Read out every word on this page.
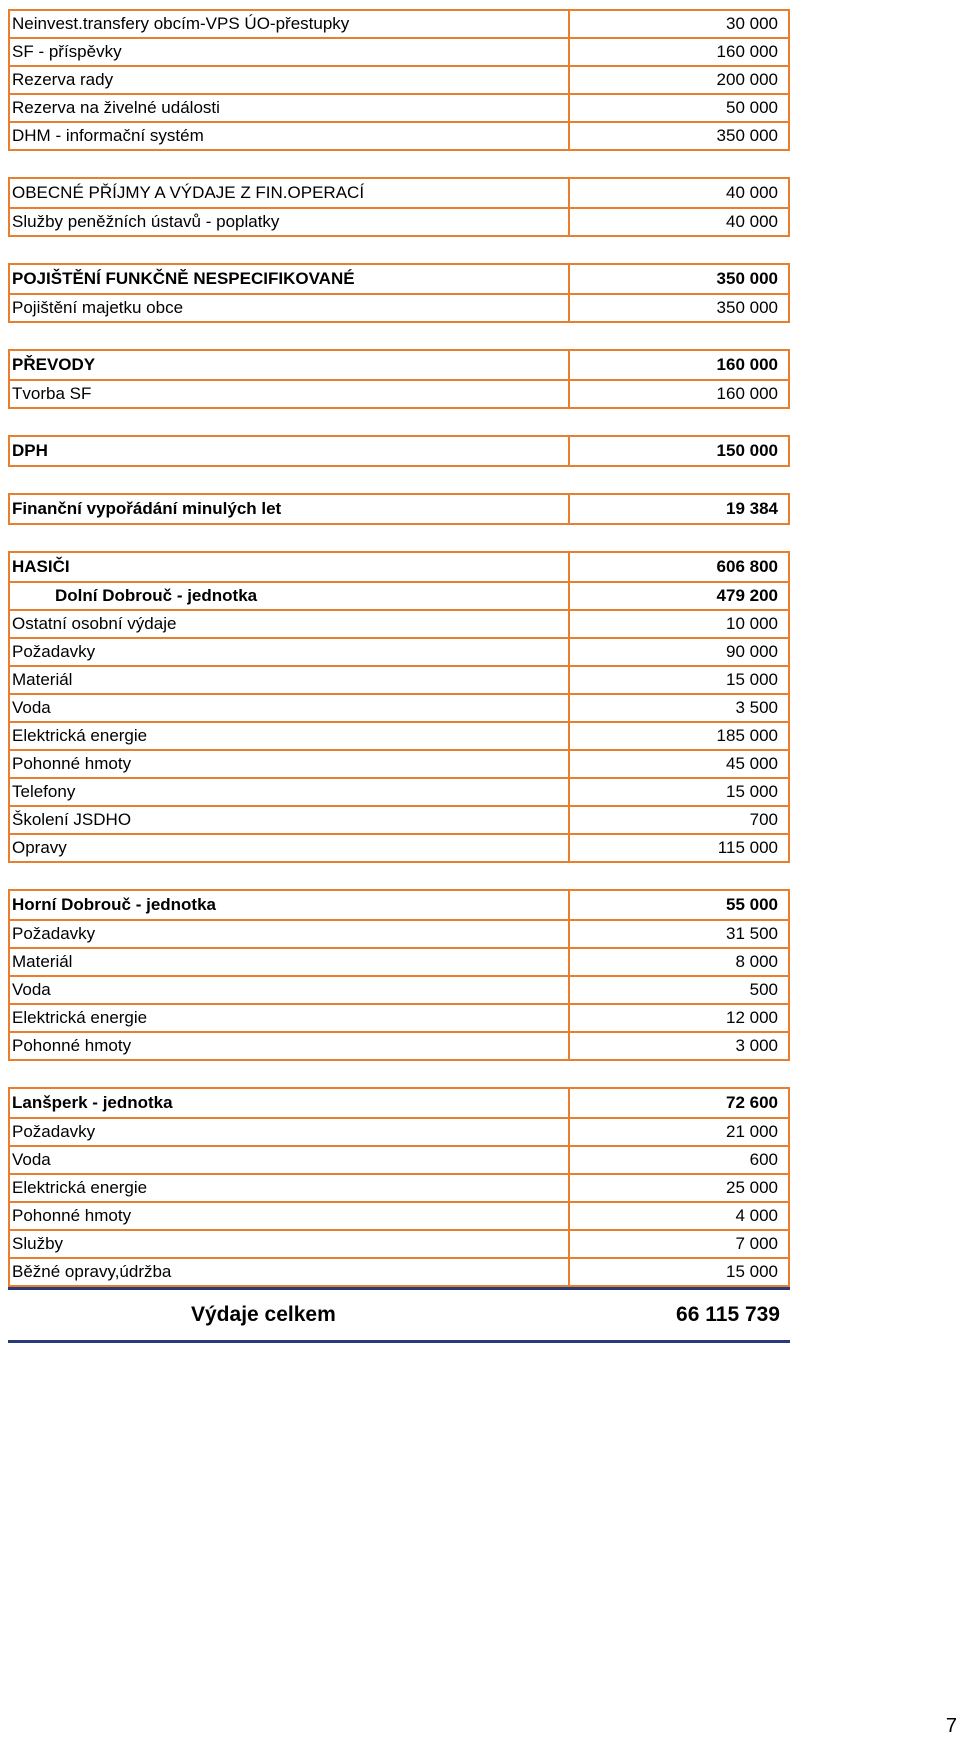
Neinvest.transfery obcím-VPS ÚO-přestupky	30 000
SF - příspěvky	160 000
Rezerva rady	200 000
Rezerva na živelné události	50 000
DHM - informační systém	350 000
OBECNÉ PŘÍJMY A VÝDAJE Z FIN.OPERACÍ	40 000
Služby peněžních ústavů - poplatky	40 000
POJIŠTĚNÍ FUNKČNĚ NESPECIFIKOVANÉ	350 000
Pojištění majetku obce	350 000
PŘEVODY	160 000
Tvorba SF	160 000
DPH	150 000
Finanční vypořádání minulých let	19 384
HASIČI	606 800
Dolní Dobrouč - jednotka	479 200
Ostatní osobní výdaje	10 000
Požadavky	90 000
Materiál	15 000
Voda	3 500
Elektrická energie	185 000
Pohonné hmoty	45 000
Telefony	15 000
Školení JSDHO	700
Opravy	115 000
Horní Dobrouč - jednotka	55 000
Požadavky	31 500
Materiál	8 000
Voda	500
Elektrická energie	12 000
Pohonné hmoty	3 000
Lanšperk - jednotka	72 600
Požadavky	21 000
Voda	600
Elektrická energie	25 000
Pohonné hmoty	4 000
Služby	7 000
Běžné opravy,údržba	15 000
Výdaje celkem	66 115 739
7
